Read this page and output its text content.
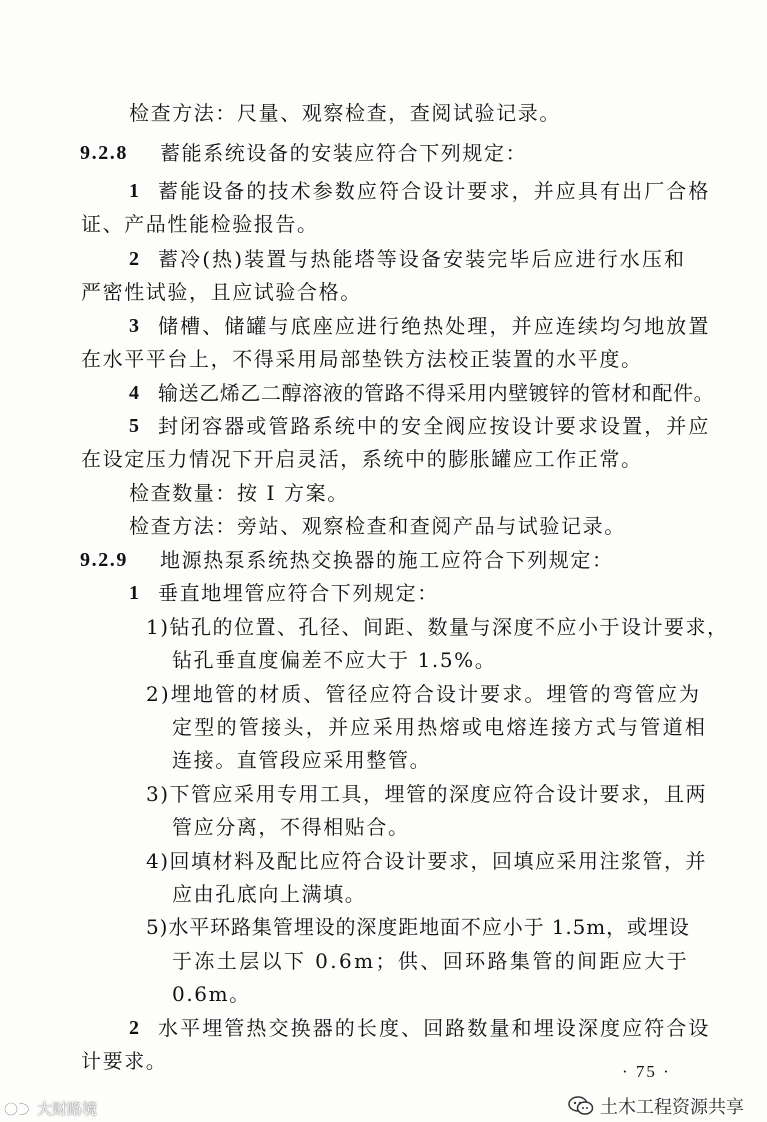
检查方法：尺量、观察检查，查阅试验记录。
9.2.8 蓄能系统设备的安装应符合下列规定：
1 蓄能设备的技术参数应符合设计要求，并应具有出厂合格
证、产品性能检验报告。
2 蓄冷(热)装置与热能塔等设备安装完毕后应进行水压和
严密性试验，且应试验合格。
3 储槽、储罐与底座应进行绝热处理，并应连续均匀地放置
在水平平台上，不得采用局部垫铁方法校正装置的水平度。
4 输送乙烯乙二醇溶液的管路不得采用内壁镀锌的管材和配件。
5 封闭容器或管路系统中的安全阀应按设计要求设置，并应
在设定压力情况下开启灵活，系统中的膨胀罐应工作正常。
检查数量：按 Ⅰ 方案。
检查方法：旁站、观察检查和查阅产品与试验记录。
9.2.9 地源热泵系统热交换器的施工应符合下列规定：
1 垂直地埋管应符合下列规定：
1)钻孔的位置、孔径、间距、数量与深度不应小于设计要求，
钻孔垂直度偏差不应大于 1.5%。
2)埋地管的材质、管径应符合设计要求。埋管的弯管应为
定型的管接头，并应采用热熔或电熔连接方式与管道相
连接。直管段应采用整管。
3)下管应采用专用工具，埋管的深度应符合设计要求，且两
管应分离，不得相贴合。
4)回填材料及配比应符合设计要求，回填应采用注浆管，并
应由孔底向上满填。
5)水平环路集管埋设的深度距地面不应小于 1.5m，或埋设
于冻土层以下 0.6m；供、回环路集管的间距应大于
0.6m。
2 水平埋管热交换器的长度、回路数量和埋设深度应符合设
计要求。	· 75 ·
土木工程资源共享
大财路境
